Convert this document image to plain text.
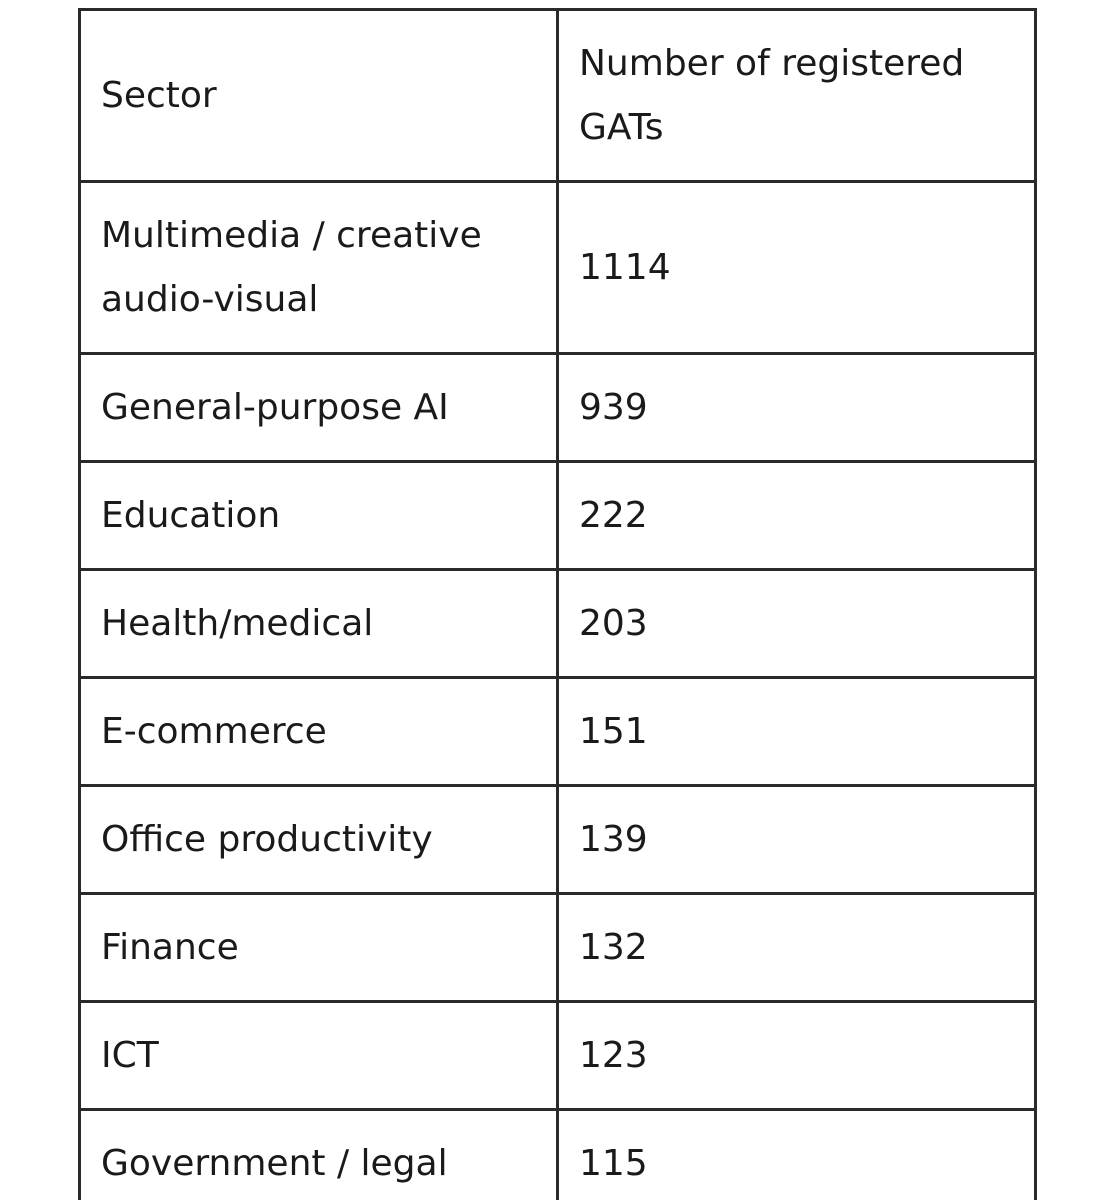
Sector	Number of registered GATs

Multimedia / creative audio-visual	1114

General-purpose AI	939

Education	222

Health/medical	203

E-commerce	151

Office productivity	139

Finance	132

ICT	123

Government / legal	115
